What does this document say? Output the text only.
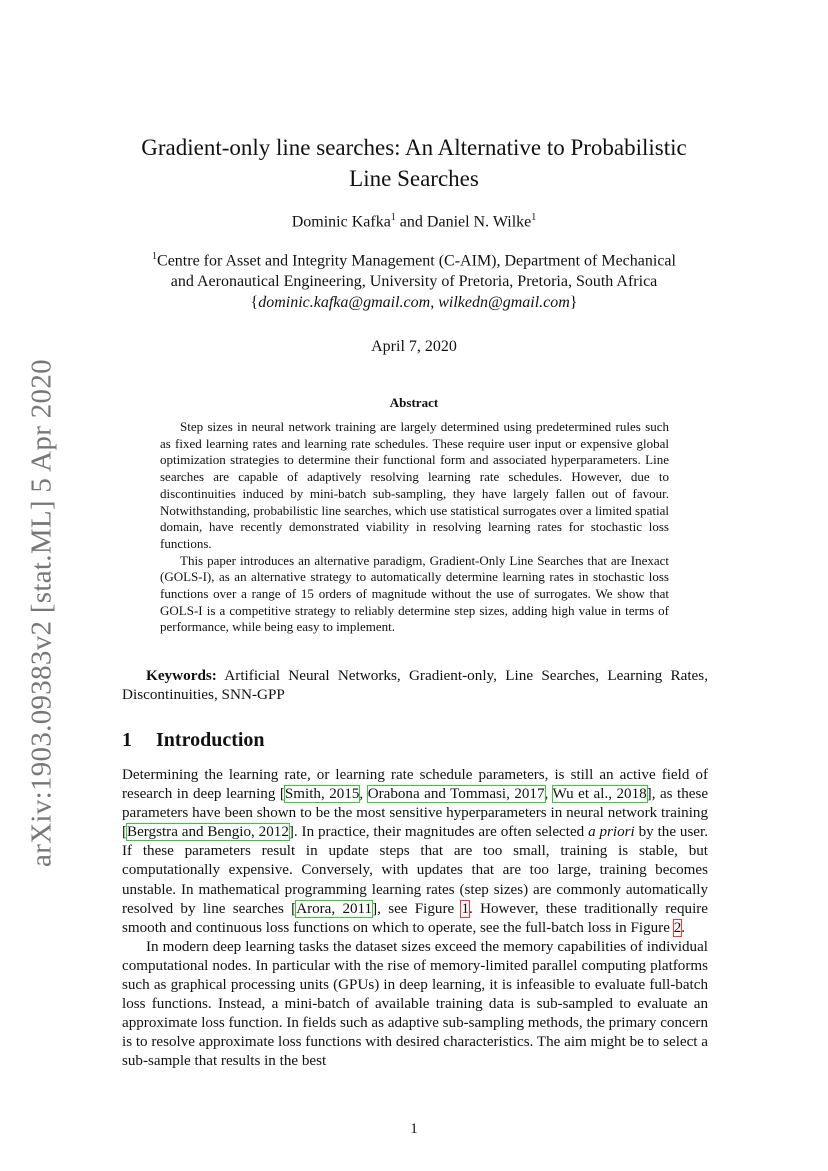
arXiv:1903.09383v2 [stat.ML] 5 Apr 2020
Gradient-only line searches: An Alternative to Probabilistic
Line Searches
Dominic Kafka$^1$ and Daniel N. Wilke$^1$
$^1$Centre for Asset and Integrity Management (C-AIM), Department of Mechanical
and Aeronautical Engineering, University of Pretoria, Pretoria, South Africa
{dominic.kafka@gmail.com, wilkedn@gmail.com}
April 7, 2020
Abstract

Step sizes in neural network training are largely determined using predetermined rules such as fixed learning rates and learning rate schedules. These require user input or expensive global optimization strategies to determine their functional form and associated hyperparameters. Line searches are capable of adaptively resolving learning rate schedules. However, due to discontinuities induced by mini-batch sub-sampling, they have largely fallen out of favour. Notwithstanding, probabilistic line searches, which use statistical surrogates over a limited spatial domain, have recently demonstrated viability in resolving learning rates for stochastic loss functions.

This paper introduces an alternative paradigm, Gradient-Only Line Searches that are Inexact (GOLS-I), as an alternative strategy to automatically determine learning rates in stochastic loss functions over a range of 15 orders of magnitude without the use of surrogates. We show that GOLS-I is a competitive strategy to reliably determine step sizes, adding high value in terms of performance, while being easy to implement.

Keywords: Artificial Neural Networks, Gradient-only, Line Searches, Learning Rates, Discontinuities, SNN-GPP
1 Introduction

Determining the learning rate, or learning rate schedule parameters, is still an active field of research in deep learning [Smith, 2015, Orabona and Tommasi, 2017, Wu et al., 2018], as these parameters have been shown to be the most sensitive hyperparameters in neural network training [Bergstra and Bengio, 2012]. In practice, their magnitudes are often selected a priori by the user. If these parameters result in update steps that are too small, training is stable, but computationally expensive. Conversely, with updates that are too large, training becomes unstable. In mathematical programming learning rates (step sizes) are commonly automatically resolved by line searches [Arora, 2011], see Figure 1. However, these traditionally require smooth and continuous loss functions on which to operate, see the full-batch loss in Figure 2.

In modern deep learning tasks the dataset sizes exceed the memory capabilities of individual computational nodes. In particular with the rise of memory-limited parallel computing platforms such as graphical processing units (GPUs) in deep learning, it is infeasible to evaluate full-batch loss functions. Instead, a mini-batch of available training data is sub-sampled to evaluate an approximate loss function. In fields such as adaptive sub-sampling methods, the primary concern is to resolve approximate loss functions with desired characteristics. The aim might be to select a sub-sample that results in the best

1
